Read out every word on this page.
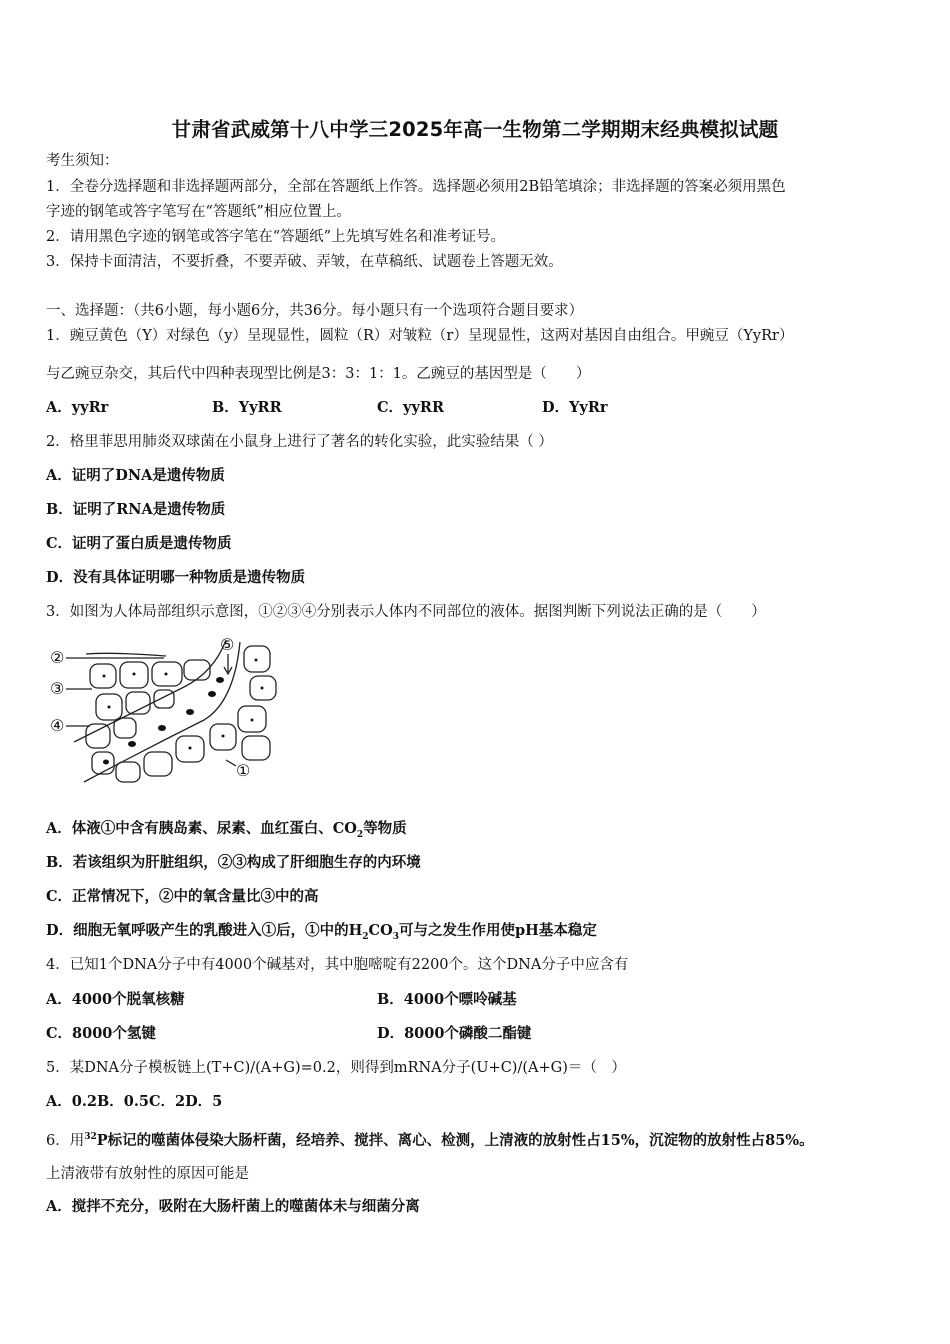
甘肃省武威第十八中学三2025年高一生物第二学期期末经典模拟试题
考生须知：
1．全卷分选择题和非选择题两部分，全部在答题纸上作答。选择题必须用2B铅笔填涂；非选择题的答案必须用黑色
字迹的钢笔或答字笔写在“答题纸”相应位置上。
2．请用黑色字迹的钢笔或答字笔在“答题纸”上先填写姓名和准考证号。
3．保持卡面清洁，不要折叠，不要弄破、弄皱，在草稿纸、试题卷上答题无效。
一、选择题：（共6小题，每小题6分，共36分。每小题只有一个选项符合题目要求）
1．豌豆黄色（Y）对绿色（y）呈现显性，圆粒（R）对皱粒（r）呈现显性，这两对基因自由组合。甲豌豆（YyRr）
与乙豌豆杂交，其后代中四种表现型比例是3：3：1：1。乙豌豆的基因型是（　　）
A．yyRr	B．YyRR	C．yyRR	D．YyRr
2．格里菲思用肺炎双球菌在小鼠身上进行了著名的转化实验，此实验结果（ ）
A．证明了DNA是遗传物质
B．证明了RNA是遗传物质
C．证明了蛋白质是遗传物质
D．没有具体证明哪一种物质是遗传物质
3．如图为人体局部组织示意图，①②③④分别表示人体内不同部位的液体。据图判断下列说法正确的是（　　）
②
③
④
⑤
①
A．体液①中含有胰岛素、尿素、血红蛋白、$CO_2$等物质
B．若该组织为肝脏组织，②③构成了肝细胞生存的内环境
C．正常情况下，②中的氧含量比③中的高
D．细胞无氧呼吸产生的乳酸进入①后，①中的$H_2CO_3$可与之发生作用使pH基本稳定
4．已知1个DNA分子中有4000个碱基对，其中胞嘧啶有2200个。这个DNA分子中应含有
A．4000个脱氧核糖	B．4000个嘌呤碱基
C．8000个氢键	D．8000个磷酸二酯键
5．某DNA分子模板链上(T+C)/(A+G)=0.2，则得到mRNA分子(U+C)/(A+G)＝（　）
A．0.2B．0.5C．2D．5
6．用$^{32}$P标记的噬菌体侵染大肠杆菌，经培养、搅拌、离心、检测，上清液的放射性占15%，沉淀物的放射性占85%。
上清液带有放射性的原因可能是
A．搅拌不充分，吸附在大肠杆菌上的噬菌体未与细菌分离
